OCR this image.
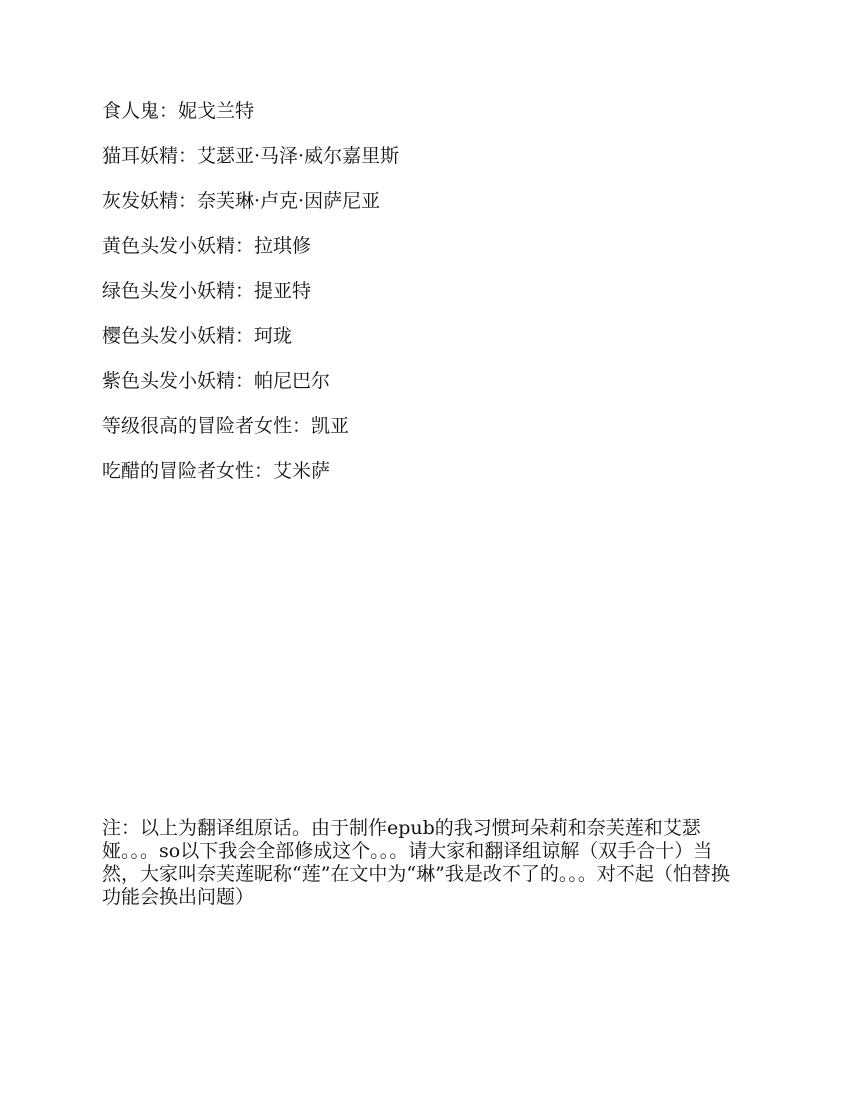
食人鬼：妮戈兰特
猫耳妖精：艾瑟亚·马泽·威尔嘉里斯
灰发妖精：奈芙琳·卢克·因萨尼亚
黄色头发小妖精：拉琪修
绿色头发小妖精：提亚特
樱色头发小妖精：珂珑
紫色头发小妖精：帕尼巴尔
等级很高的冒险者女性：凯亚
吃醋的冒险者女性：艾米萨

注：以上为翻译组原话。由于制作epub的我习惯珂朵莉和奈芙莲和艾瑟娅。。。so以下我会全部修成这个。。。请大家和翻译组谅解（双手合十）当然，大家叫奈芙莲昵称“莲”在文中为“琳”我是改不了的。。。对不起（怕替换功能会换出问题）
